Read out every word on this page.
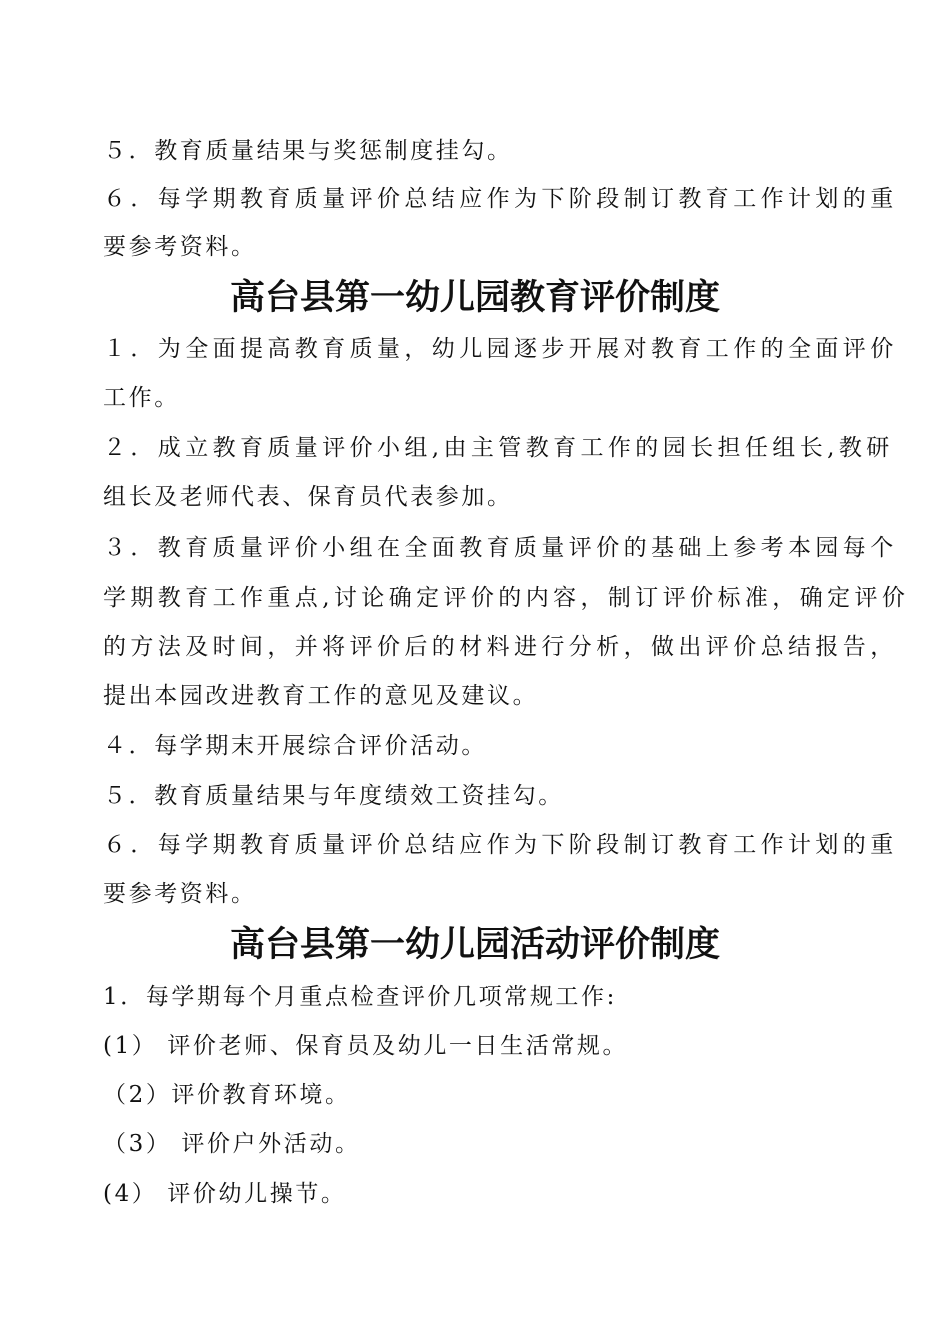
５．教育质量结果与奖惩制度挂勾。
６．每学期教育质量评价总结应作为下阶段制订教育工作计划的重
要参考资料。
高台县第一幼儿园教育评价制度
１．为全面提高教育质量，幼儿园逐步开展对教育工作的全面评价
工作。
２．成立教育质量评价小组,由主管教育工作的园长担任组长,教研
组长及老师代表、保育员代表参加。
３．教育质量评价小组在全面教育质量评价的基础上参考本园每个
学期教育工作重点,讨论确定评价的内容，制订评价标准，确定评价
的方法及时间，并将评价后的材料进行分析，做出评价总结报告，
提出本园改进教育工作的意见及建议。
４．每学期末开展综合评价活动。
５．教育质量结果与年度绩效工资挂勾。
６．每学期教育质量评价总结应作为下阶段制订教育工作计划的重
要参考资料。
高台县第一幼儿园活动评价制度
1．每学期每个月重点检查评价几项常规工作:
(1） 评价老师、保育员及幼儿一日生活常规。
（2）评价教育环境。
（3） 评价户外活动。
(4） 评价幼儿操节。
